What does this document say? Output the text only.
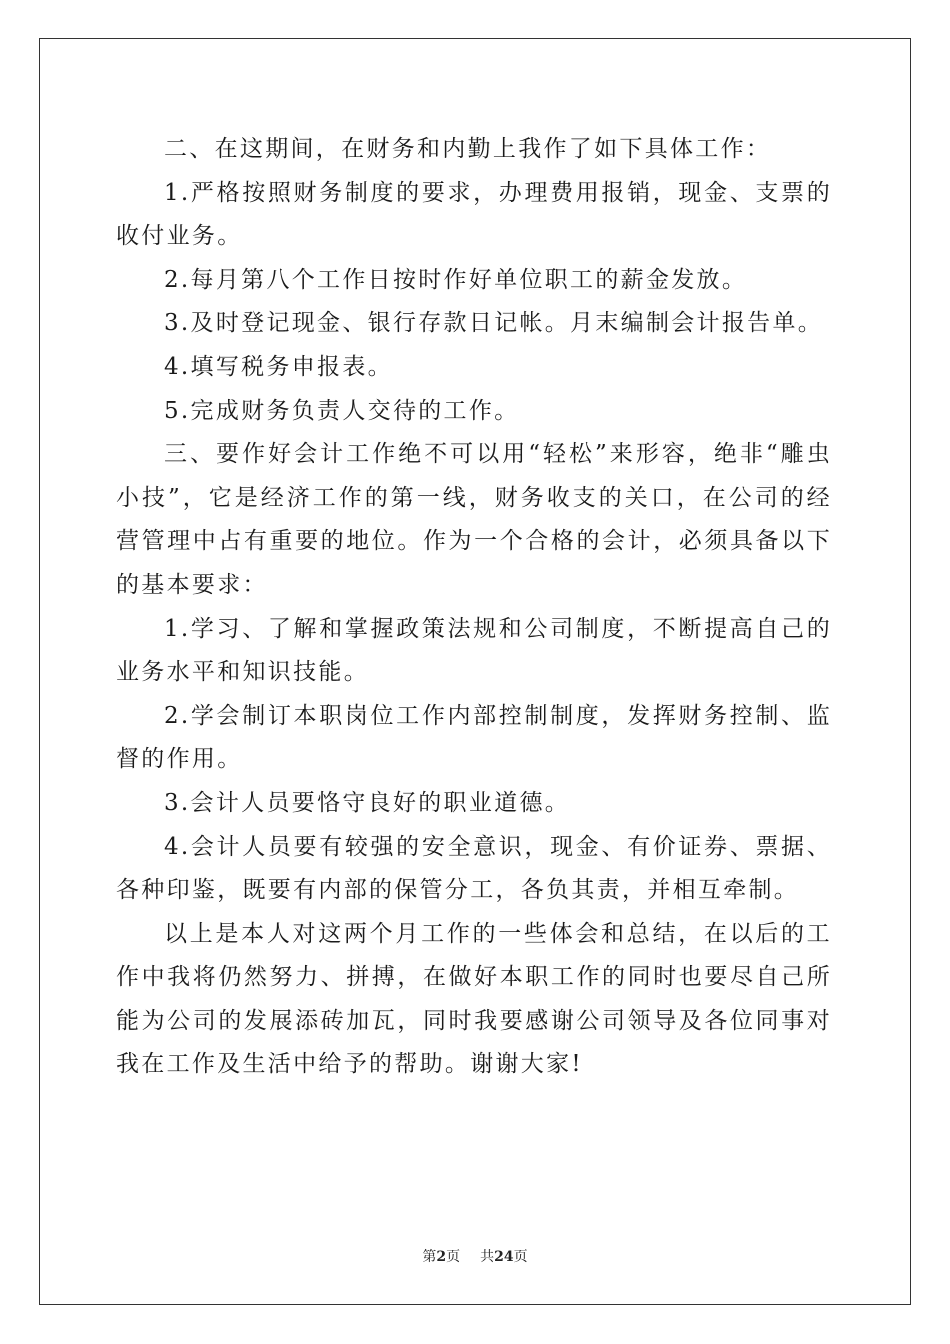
二、在这期间，在财务和内勤上我作了如下具体工作：

1.严格按照财务制度的要求，办理费用报销，现金、支票的收付业务。

2.每月第八个工作日按时作好单位职工的薪金发放。

3.及时登记现金、银行存款日记帐。月末编制会计报告单。

4.填写税务申报表。

5.完成财务负责人交待的工作。

三、要作好会计工作绝不可以用“轻松”来形容，绝非“雕虫小技”，它是经济工作的第一线，财务收支的关口，在公司的经营管理中占有重要的地位。作为一个合格的会计，必须具备以下的基本要求：

1.学习、了解和掌握政策法规和公司制度，不断提高自己的业务水平和知识技能。

2.学会制订本职岗位工作内部控制制度，发挥财务控制、监督的作用。

3.会计人员要恪守良好的职业道德。

4.会计人员要有较强的安全意识，现金、有价证券、票据、各种印鉴，既要有内部的保管分工，各负其责，并相互牵制。

以上是本人对这两个月工作的一些体会和总结，在以后的工作中我将仍然努力、拼搏，在做好本职工作的同时也要尽自己所能为公司的发展添砖加瓦，同时我要感谢公司领导及各位同事对我在工作及生活中给予的帮助。谢谢大家!

第2页 共24页
